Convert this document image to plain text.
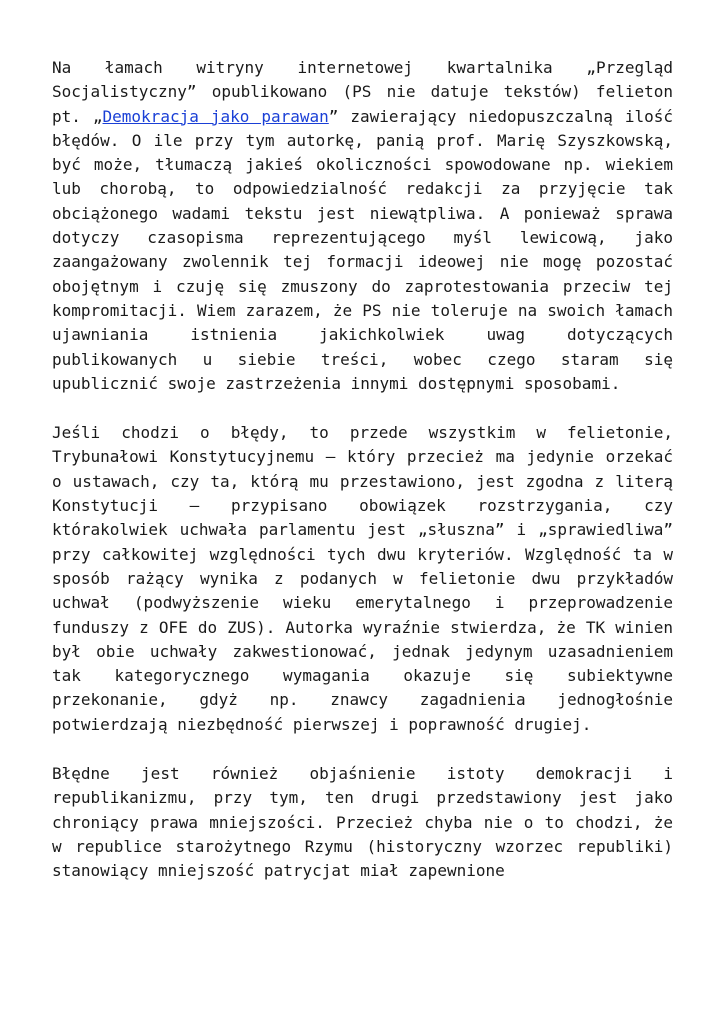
Na łamach witryny internetowej kwartalnika „Przegląd Socjalistyczny” opublikowano (PS nie datuje tekstów) felieton pt. „Demokracja jako parawan” zawierający niedopuszczalną ilość błędów. O ile przy tym autorkę, panią prof. Marię Szyszkowską, być może, tłumaczą jakieś okoliczności spowodowane np. wiekiem lub chorobą, to odpowiedzialność redakcji za przyjęcie tak obciążonego wadami tekstu jest niewątpliwa. A ponieważ sprawa dotyczy czasopisma reprezentującego myśl lewicową, jako zaangażowany zwolennik tej formacji ideowej nie mogę pozostać obojętnym i czuję się zmuszony do zaprotestowania przeciw tej kompromitacji. Wiem zarazem, że PS nie toleruje na swoich łamach ujawniania istnienia jakichkolwiek uwag dotyczących publikowanych u siebie treści, wobec czego staram się upublicznić swoje zastrzeżenia innymi dostępnymi sposobami.

Jeśli chodzi o błędy, to przede wszystkim w felietonie, Trybunałowi Konstytucyjnemu – który przecież ma jedynie orzekać o ustawach, czy ta, którą mu przestawiono, jest zgodna z literą Konstytucji – przypisano obowiązek rozstrzygania, czy którakolwiek uchwała parlamentu jest „słuszna” i „sprawiedliwa” przy całkowitej względności tych dwu kryteriów. Względność ta w sposób rażący wynika z podanych w felietonie dwu przykładów uchwał (podwyższenie wieku emerytalnego i przeprowadzenie funduszy z OFE do ZUS). Autorka wyraźnie stwierdza, że TK winien był obie uchwały zakwestionować, jednak jedynym uzasadnieniem tak kategorycznego wymagania okazuje się subiektywne przekonanie, gdyż np. znawcy zagadnienia jednogłośnie potwierdzają niezbędność pierwszej i poprawność drugiej.

Błędne jest również objaśnienie istoty demokracji i republikanizmu, przy tym, ten drugi przedstawiony jest jako chroniący prawa mniejszości. Przecież chyba nie o to chodzi, że w republice starożytnego Rzymu (historyczny wzorzec republiki) stanowiący mniejszość patrycjat miał zapewnione
